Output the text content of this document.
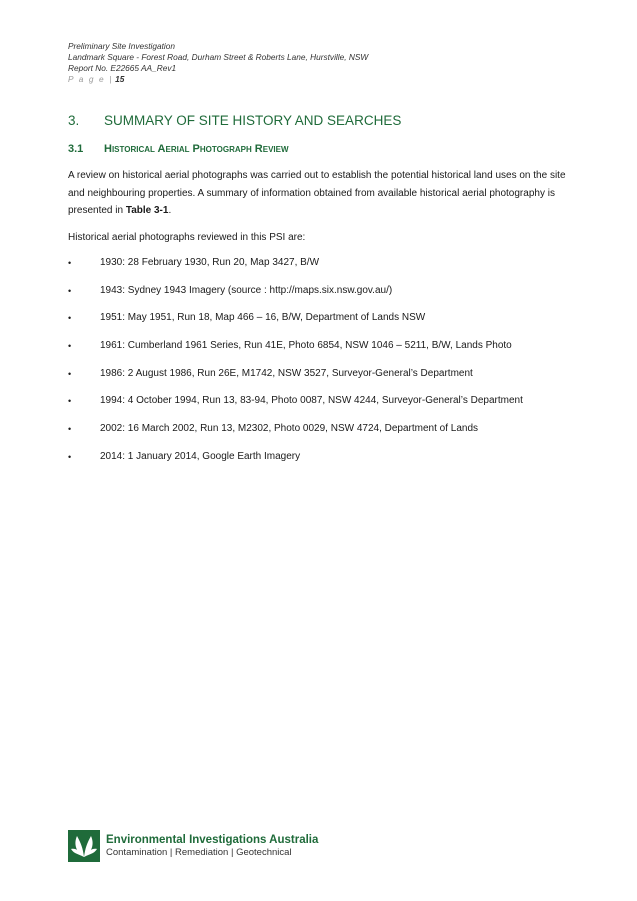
Preliminary Site Investigation
Landmark Square - Forest Road, Durham Street & Roberts Lane, Hurstville, NSW
Report No. E22665 AA_Rev1
P a g e | 15
3.	SUMMARY OF SITE HISTORY AND SEARCHES
3.1	Historical Aerial Photograph Review

A review on historical aerial photographs was carried out to establish the potential historical land uses on the site and neighbouring properties. A summary of information obtained from available historical aerial photography is presented in Table 3-1.

Historical aerial photographs reviewed in this PSI are:

•	1930: 28 February 1930, Run 20, Map 3427, B/W
•	1943: Sydney 1943 Imagery (source : http://maps.six.nsw.gov.au/)
•	1951: May 1951, Run 18, Map 466 – 16, B/W, Department of Lands NSW
•	1961: Cumberland 1961 Series, Run 41E, Photo 6854, NSW 1046 – 5211, B/W, Lands Photo
•	1986: 2 August 1986, Run 26E, M1742, NSW 3527, Surveyor-General’s Department
•	1994: 4 October 1994, Run 13, 83-94, Photo 0087, NSW 4244, Surveyor-General’s Department
•	2002: 16 March 2002, Run 13, M2302, Photo 0029, NSW 4724, Department of Lands
•	2014: 1 January 2014, Google Earth Imagery
Environmental Investigations Australia
Contamination | Remediation | Geotechnical
